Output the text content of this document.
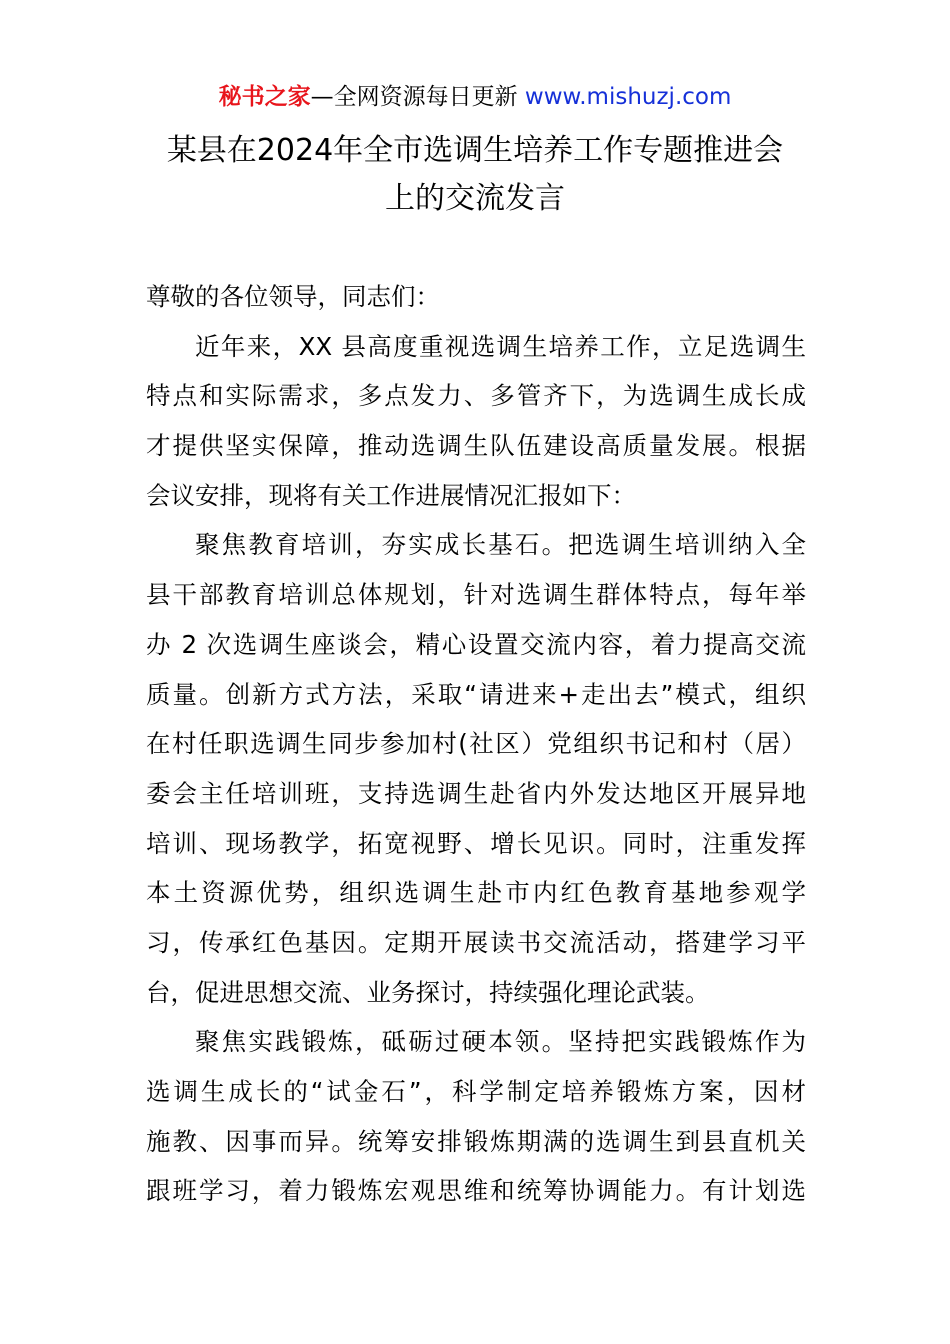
秘书之家—全网资源每日更新 www.mishuzj.com
某县在2024年全市选调生培养工作专题推进会
上的交流发言
尊敬的各位领导，同志们：
近年来，XX 县高度重视选调生培养工作，立足选调生
特点和实际需求，多点发力、多管齐下，为选调生成长成
才提供坚实保障，推动选调生队伍建设高质量发展。根据
会议安排，现将有关工作进展情况汇报如下：
聚焦教育培训，夯实成长基石。把选调生培训纳入全
县干部教育培训总体规划，针对选调生群体特点，每年举
办 2 次选调生座谈会，精心设置交流内容，着力提高交流
质量。创新方式方法，采取“请进来+走出去”模式，组织
在村任职选调生同步参加村(社区）党组织书记和村（居）
委会主任培训班，支持选调生赴省内外发达地区开展异地
培训、现场教学，拓宽视野、增长见识。同时，注重发挥
本土资源优势，组织选调生赴市内红色教育基地参观学
习，传承红色基因。定期开展读书交流活动，搭建学习平
台，促进思想交流、业务探讨，持续强化理论武装。
聚焦实践锻炼，砥砺过硬本领。坚持把实践锻炼作为
选调生成长的“试金石”，科学制定培养锻炼方案，因材
施教、因事而异。统筹安排锻炼期满的选调生到县直机关
跟班学习，着力锻炼宏观思维和统筹协调能力。有计划选
